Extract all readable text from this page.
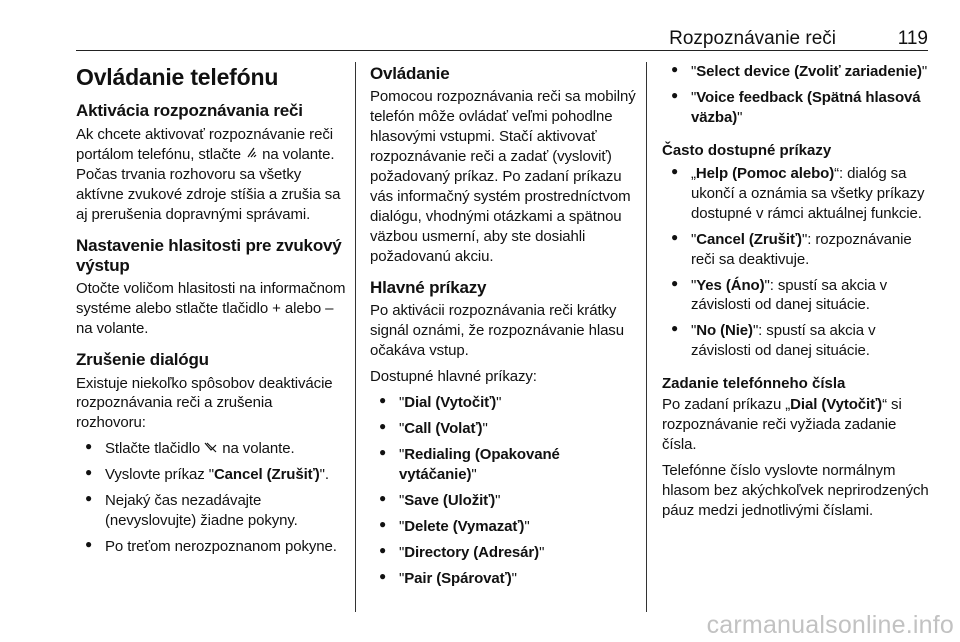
Rozpoznávanie reči	119
Ovládanie telefónu
Aktivácia rozpoznávania reči

Ak chcete aktivovať rozpoznávanie reči portálom telefónu, stlačte  na volante. Počas trvania rozhovoru sa všetky aktívne zvukové zdroje stíšia a zrušia sa aj prerušenia dopravnými správami.

Nastavenie hlasitosti pre zvukový výstup

Otočte voličom hlasitosti na informačnom systéme alebo stlačte tlačidlo + alebo – na volante.

Zrušenie dialógu

Existuje niekoľko spôsobov deaktivácie rozpoznávania reči a zrušenia rozhovoru:

● Stlačte tlačidlo  na volante.
● Vyslovte príkaz "Cancel (Zrušiť)".
● Nejaký čas nezadávajte (nevyslovujte) žiadne pokyny.
● Po treťom nerozpoznanom pokyne.
Ovládanie

Pomocou rozpoznávania reči sa mobilný telefón môže ovládať veľmi pohodlne hlasovými vstupmi. Stačí aktivovať rozpoznávanie reči a zadať (vysloviť) požadovaný príkaz. Po zadaní príkazu vás informačný systém prostredníctvom dialógu, vhodnými otázkami a spätnou väzbou usmerní, aby ste dosiahli požadovanú akciu.

Hlavné príkazy

Po aktivácii rozpoznávania reči krátky signál oznámi, že rozpoznávanie hlasu očakáva vstup.

Dostupné hlavné príkazy:

● "Dial (Vytočiť)"
● "Call (Volať)"
● "Redialing (Opakované vytáčanie)"
● "Save (Uložiť)"
● "Delete (Vymazať)"
● "Directory (Adresár)"
● "Pair (Spárovať)"
● "Select device (Zvoliť zariadenie)"
● "Voice feedback (Spätná hlasová väzba)"
Často dostupné príkazy
● „Help (Pomoc alebo)“: dialóg sa ukončí a oznámia sa všetky príkazy dostupné v rámci aktuálnej funkcie.
● "Cancel (Zrušiť)": rozpoznávanie reči sa deaktivuje.
● "Yes (Áno)": spustí sa akcia v závislosti od danej situácie.
● "No (Nie)": spustí sa akcia v závislosti od danej situácie.
Zadanie telefónneho čísla

Po zadaní príkazu „Dial (Vytočiť)“ si rozpoznávanie reči vyžiada zadanie čísla.

Telefónne číslo vyslovte normálnym hlasom bez akýchkoľvek neprirodzených páuz medzi jednotlivými číslami.

carmanualsonline.info
